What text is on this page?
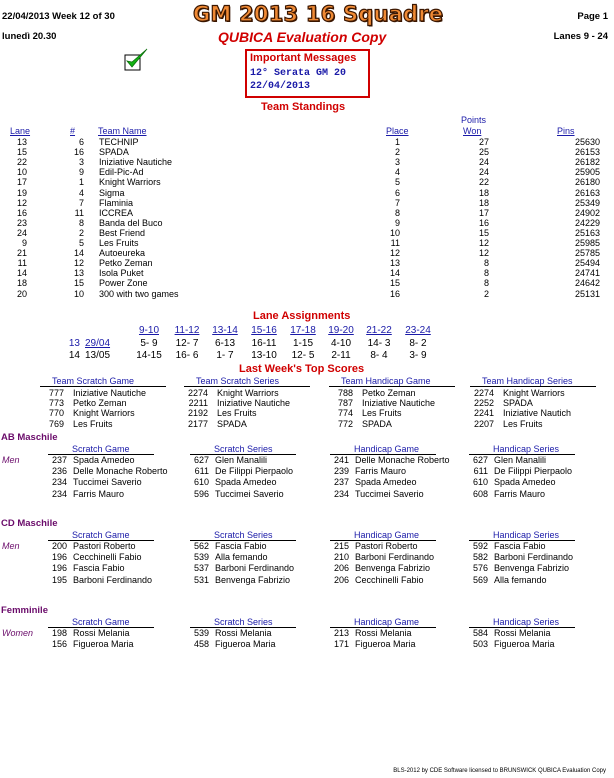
22/04/2013 Week 12 of 30	GM 2013 16 Squadre	Page 1
lunedì 20.30	QUBICA Evaluation Copy	Lanes 9 - 24
Important Messages
12° Serata GM 20
22/04/2013
Team Standings
Points
Lane	#	Team Name	Place	Won	Pins
13	6 TECHNIP	1	27	25630
15	16 SPADA	2	25	26153
22	3 Iniziative Nautiche	3	24	26182
10	9 Edil-Pic-Ad	4	24	25905
17	1 Knight Warriors	5	22	26180
19	4 Sigma	6	18	26163
12	7 Flaminia	7	18	25349
16	11 ICCREA	8	17	24902
23	8 Banda del Buco	9	16	24229
24	2 Best Friend	10	15	25163
9	5 Les Fruits	11	12	25985
21	14 Autoeureka	12	12	25785
11	12 Petko Zeman	13	8	25494
14	13 Isola Puket	14	8	24741
18	15 Power Zone	15	8	24642
20	10 300 with two games	16	2	25131
Lane Assignments
9-10	11-12	13-14	15-16	17-18	19-20	21-22	23-24
13 29/04	5- 9	12- 7	6-13	16-11	1-15	4-10	14- 3	8- 2
14 13/05	14-15	16- 6	1- 7	13-10	12- 5	2-11	8- 4	3- 9
Last Week's Top Scores
Team Scratch Game
777 Iniziative Nautiche
773 Petko Zeman
770 Knight Warriors
769 Les Fruits
Team Scratch Series
2274 Knight Warriors
2211 Iniziative Nautiche
2192 Les Fruits
2177 SPADA
Team Handicap Game
788 Petko Zeman
787 Iniziative Nautiche
774 Les Fruits
772 SPADA
Team Handicap Series
2274 Knight Warriors
2252 SPADA
2241 Iniziative Nautich
2207 Les Fruits
AB Maschile
Men
Scratch Game
237 Spada Amedeo
236 Delle Monache Roberto
234 Tuccimei Saverio
234 Farris Mauro
Scratch Series
627 Glen Manalili
611 De Filippi Pierpaolo
610 Spada Amedeo
596 Tuccimei Saverio
Handicap Game
241 Delle Monache Roberto
239 Farris Mauro
237 Spada Amedeo
234 Tuccimei Saverio
Handicap Series
627 Glen Manalili
611 De Filippi Pierpaolo
610 Spada Amedeo
608 Farris Mauro
CD Maschile
Men
Scratch Game
200 Pastori Roberto
196 Cecchinelli Fabio
196 Fascia Fabio
195 Barboni Ferdinando
Scratch Series
562 Fascia Fabio
539 Alla femando
537 Barboni Ferdinando
531 Benvenga Fabrizio
Handicap Game
215 Pastori Roberto
210 Barboni Ferdinando
206 Benvenga Fabrizio
206 Cecchinelli Fabio
Handicap Series
592 Fascia Fabio
582 Barboni Ferdinando
576 Benvenga Fabrizio
569 Alla femando
Femminile
Women
Scratch Game
198 Rossi Melania
156 Figueroa Maria
Scratch Series
539 Rossi Melania
458 Figueroa Maria
Handicap Game
213 Rossi Melania
171 Figueroa Maria
Handicap Series
584 Rossi Melania
503 Figueroa Maria
BLS-2012 by CDE Software licensed to BRUNSWICK QUBICA Evaluation Copy
